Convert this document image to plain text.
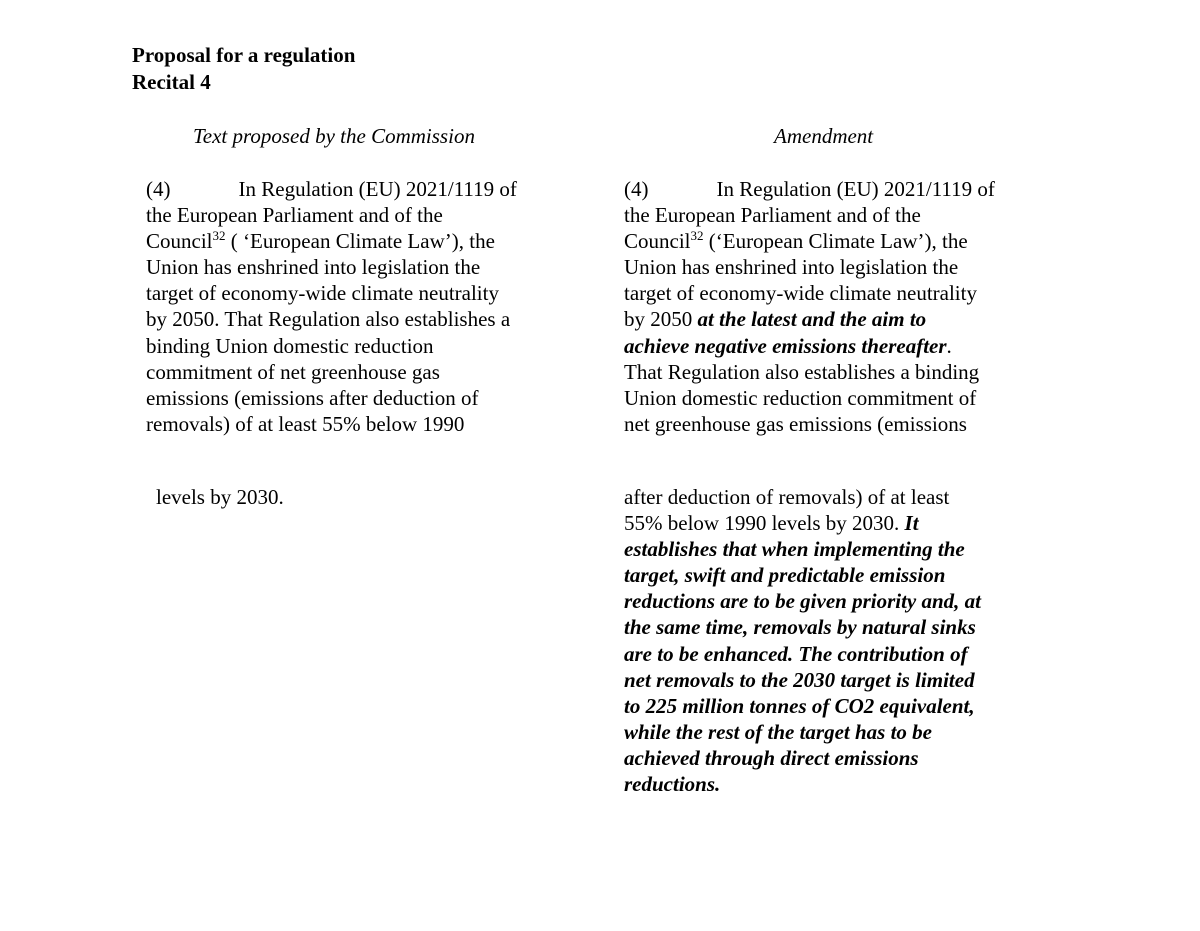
Proposal for a regulation
Recital 4
Text proposed by the Commission	Amendment
(4)	In Regulation (EU) 2021/1119 of
the European Parliament and of the
Council$^{32}$ ( ‘European Climate Law’), the
Union has enshrined into legislation the
target of economy-wide climate neutrality
by 2050. That Regulation also establishes a
binding Union domestic reduction
commitment of net greenhouse gas
emissions (emissions after deduction of
removals) of at least 55% below 1990
levels by 2030.
(4)	In Regulation (EU) 2021/1119 of
the European Parliament and of the
Council$^{32}$ (‘European Climate Law’), the
Union has enshrined into legislation the
target of economy-wide climate neutrality
by 2050 at the latest and the aim to
achieve negative emissions thereafter.
That Regulation also establishes a binding
Union domestic reduction commitment of
net greenhouse gas emissions (emissions
after deduction of removals) of at least
55% below 1990 levels by 2030. It
establishes that when implementing the
target, swift and predictable emission
reductions are to be given priority and, at
the same time, removals by natural sinks
are to be enhanced. The contribution of
net removals to the 2030 target is limited
to 225 million tonnes of CO2 equivalent,
while the rest of the target has to be
achieved through direct emissions
reductions.
